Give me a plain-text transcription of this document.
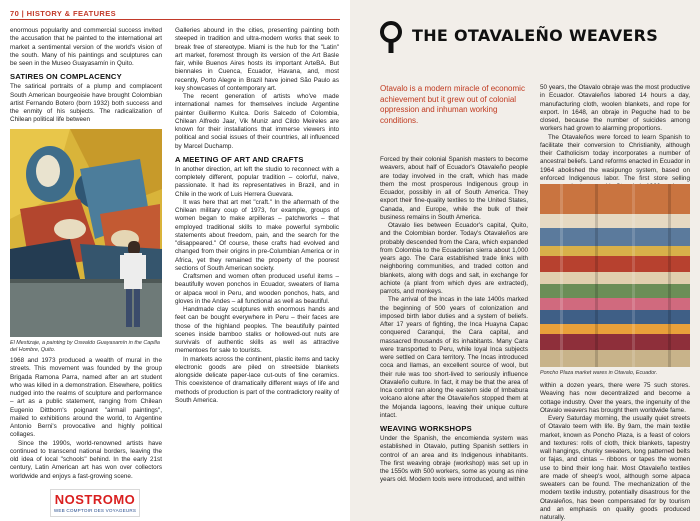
70 | HISTORY & FEATURES

enormous popularity and commercial success invited the accusation that he painted to the international art market a sentimental version of the world's vision of the south. Many of his paintings and sculptures can be seen in the Museo Guayasamín in Quito.

SATIRES ON COMPLACENCY

The satirical portraits of a plump and complacent South American bourgeoisie have brought Colombian artist Fernando Botero (born 1932) both success and the enmity of his subjects. The radicalization of Chilean political life between

El Mestizaje, a painting by Oswaldo Guayasamín in the Capilla del Hombre, Quito.

1968 and 1973 produced a wealth of mural in the streets. This movement was founded by the group Brigada Ramona Parra, named after an art student who was killed in a demonstration. Elsewhere, politics nudged into the realms of sculpture and performance – art as a public statement, ranging from Chilean Eugenio Dittborn's poignant "airmail paintings", mailed to exhibitions around the world, to Argentine Antonio Berni's provocative and highly political collages.

Since the 1990s, world-renowned artists have continued to transcend national borders, leaving the old idea of local "schools" behind. In the early 21st century, Latin American art has won over collectors worldwide and enjoys a fast-growing scene.

Galleries abound in the cities, presenting painting both steeped in tradition and ultra-modern works that seek to break free of stereotype. Miami is the hub for the "Latin" art market, foremost through its version of the Art Basle fair, while Buenos Aires hosts its important ArteBA. But biennales in Cuenca, Ecuador, Havana, and, most recently, Porto Alegre in Brazil have joined São Paulo as key showcases of contemporary art.

The recent generation of artists who've made international names for themselves include Argentine painter Guillermo Kuitca. Doris Salcedo of Colombia, Chilean Alfredo Jaar, Vik Muniz and Cildo Meireles are known for their installations that immerse viewers into political and social issues of their countries, all influenced by Marcel Duchamp.

A MEETING OF ART AND CRAFTS

In another direction, art left the studio to reconnect with a completely different, popular tradition – colorful, naive, passionate. It had its representatives in Brazil, and in Chile in the work of Luis Herrera Guevara.

It was here that art met "craft." In the aftermath of the Chilean military coup of 1973, for example, groups of women began to make arpilleras – patchworks – that employed traditional skills to make powerful symbolic statements about freedom, pain, and the search for the "disappeared." Of course, these crafts had evolved and changed from their origins in pre-Columbian America or in Africa, yet they remained the property of the poorest sections of South American society.

Craftsmen and women often produced useful items – beautifully woven ponchos in Ecuador, sweaters of llama or alpaca wool in Peru, and wooden ponchos, hats, and gloves in the Andes – all functional as well as beautiful.

Handmade clay sculptures with enormous hands and feet can be bought everywhere in Peru – their faces are those of the highland peoples. The beautifully painted scenes inside bamboo stalks or hollowed-out nuts are survivals of authentic skills as well as attractive mementoes for sale to tourists.

In markets across the continent, plastic items and tacky electronic goods are piled on streetside blankets alongside delicate paper-lace cut-outs of fine ceramics. This coexistence of dramatically different ways of life and methods of production is part of the contradictory reality of South America.

NOSTROMO
WEB COMPTOIR DES VOYAGEURS
THE OTAVALEÑO WEAVERS
Otavalo is a modern miracle of economic achievement but it grew out of colonial oppression and inhuman working conditions.

Forced by their colonial Spanish masters to become weavers, about half of Ecuador's Otavaleño people are today involved in the craft, which has made them the most prosperous Indigenous group in Ecuador, possibly in all of South America. They export their fine-quality textiles to the United States, Canada, and Europe, while the bulk of their business remains in South America.

Otavalo lies between Ecuador's capital, Quito, and the Colombian border. Today's Otavaleños are probably descended from the Cara, which expanded from Colombia to the Ecuadorian sierra about 1,000 years ago. The Cara established trade links with neighboring communities, and traded cotton and blankets, along with dogs and salt, in exchange for achiote (a plant from which dyes are extracted), parrots, and monkeys.

The arrival of the Incas in the late 1400s marked the beginning of 500 years of colonization and imposed birth labor duties and a system of beliefs. After 17 years of fighting, the Inca Huayna Capac conquered Caranqui, the Cara capital, and massacred thousands of its inhabitants. Many Cara were transported to Peru, while loyal Inca subjects were settled on Cara territory. The Incas introduced coca and llamas, an excellent source of wool, but their rule was too short-lived to seriously influence Otavaleño culture. In fact, it may be that the area of Inca control ran along the eastern side of Imbabura volcano alone after the Otavaleños stopped them at the Mojanda lagoons, leaving their unique culture intact.

WEAVING WORKSHOPS

Under the Spanish, the encomienda system was established in Otavalo, putting Spanish settlers in control of an area and its Indigenous inhabitants. The first weaving obraje (workshop) was set up in the 1550s with 500 workers, some as young as nine years old. Modern tools were introduced, and within

50 years, the Otavalo obraje was the most productive in Ecuador. Otavaleños labored 14 hours a day, manufacturing cloth, woolen blankets, and rope for export. In 1648, an obraje in Peguche had to be closed, because the number of suicides among workers had grown to alarming proportions.

The Otavaleños were forced to learn Spanish to facilitate their conversion to Christianity, although their Catholicism today incorporates a number of ancestral beliefs. Land reforms enacted in Ecuador in 1964 abolished the wasipungo system, based on enforced Indigenous labor. The first store selling

Poncho Plaza market wares in Otavalo, Ecuador.

within a dozen years, there were 75 such stores. Weaving has now decentralized and become a cottage industry. Over the years, the ingenuity of the Otavalo weavers has brought them worldwide fame.

Every Saturday morning, the usually quiet streets of Otavalo teem with life. By 9am, the main textile market, known as Poncho Plaza, is a feast of colors and textures: rolls of cloth, thick blankets, tapestry wall hangings, chunky sweaters, long patterned belts or fajas, and cintas – ribbons or tapes the women use to bind their long hair. Most Otavaleño textiles are made of sheep's wool, although some alpaca sweaters can be found. The mechanization of the modern textile industry, potentially disastrous for the Otavaleños, has been compensated for by tourism and an emphasis on quality goods produced naturally.
